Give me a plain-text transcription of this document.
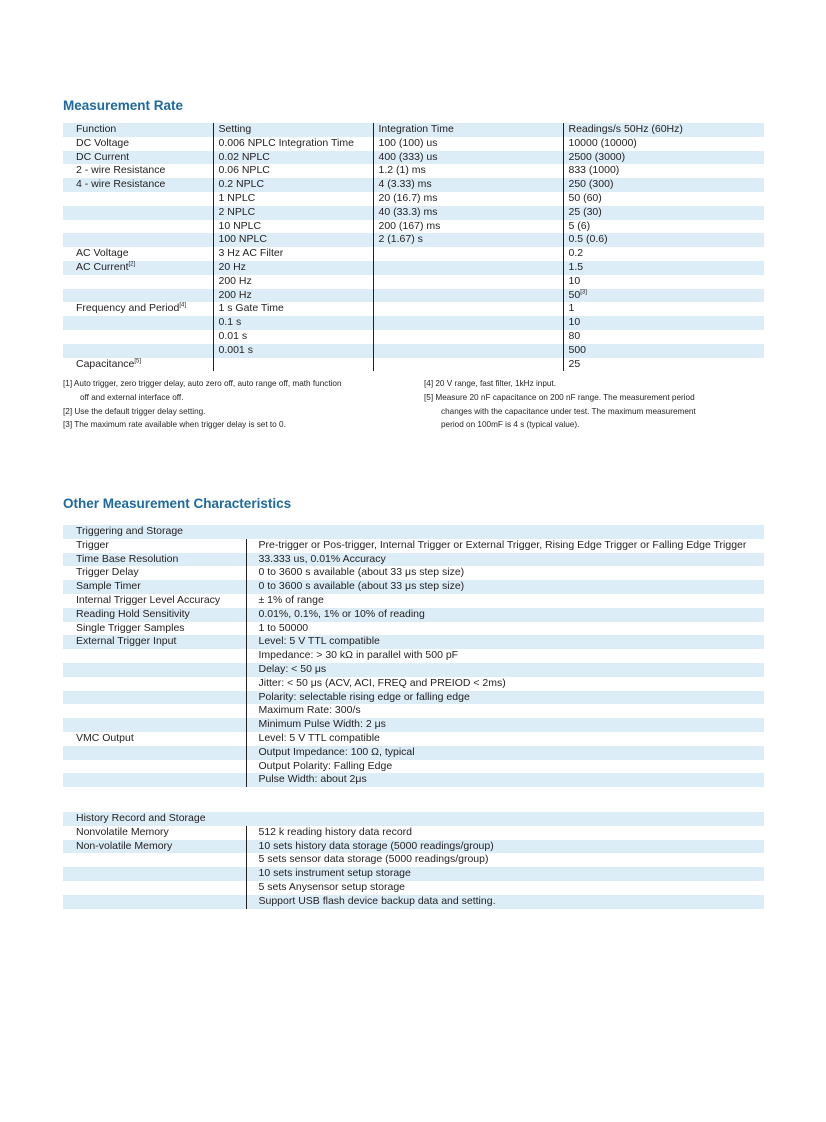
Measurement Rate
Function	Setting	Integration Time	Readings/s 50Hz (60Hz)
DC Voltage	0.006 NPLC Integration Time	100 (100) us	10000 (10000)
DC Current	0.02 NPLC	400 (333) us	2500 (3000)
2 - wire Resistance	0.06 NPLC	1.2 (1) ms	833 (1000)
4 - wire Resistance	0.2 NPLC	4 (3.33) ms	250 (300)
	1 NPLC	20 (16.7) ms	50 (60)
	2 NPLC	40 (33.3) ms	25 (30)
	10 NPLC	200 (167) ms	5 (6)
	100 NPLC	2 (1.67) s	0.5 (0.6)
AC Voltage	3 Hz AC Filter		0.2
AC Current[2]	20 Hz		1.5
	200 Hz		10
	200 Hz		50[3]
Frequency and Period[4]	1 s Gate Time		1
	0.1 s		10
	0.01 s		80
	0.001 s		500
Capacitance[5]			25
[1] Auto trigger, zero trigger delay, auto zero off, auto range off, math function
off and external interface off.
[2] Use the default trigger delay setting.
[3] The maximum rate available when trigger delay is set to 0.
[4] 20 V range, fast filter, 1kHz input.
[5] Measure 20 nF capacitance on 200 nF range. The measurement period
changes with the capacitance under test. The maximum measurement
period on 100mF is 4 s (typical value).
Other Measurement Characteristics
Triggering and Storage	
Trigger	Pre-trigger or Pos-trigger, Internal Trigger or External Trigger, Rising Edge Trigger or Falling Edge Trigger
Time Base Resolution	33.333 us, 0.01% Accuracy
Trigger Delay	0 to 3600 s available (about 33 μs step size)
Sample Timer	0 to 3600 s available (about 33 μs step size)
Internal Trigger Level Accuracy	± 1% of range
Reading Hold Sensitivity	0.01%, 0.1%, 1% or 10% of reading
Single Trigger Samples	1 to 50000
External Trigger Input	Level: 5 V TTL compatible
	Impedance: > 30 kΩ in parallel with 500 pF
	Delay: < 50 μs
	Jitter: < 50 μs (ACV, ACI, FREQ and PREIOD < 2ms)
	Polarity: selectable rising edge or falling edge
	Maximum Rate: 300/s
	Minimum Pulse Width: 2 μs
VMC Output	Level: 5 V TTL compatible
	Output Impedance: 100 Ω, typical
	Output Polarity: Falling Edge
	Pulse Width: about 2μs
History Record and Storage	
Nonvolatile Memory	512 k reading history data record
Non-volatile Memory	10 sets history data storage (5000 readings/group)
	5 sets sensor data storage (5000 readings/group)
	10 sets instrument setup storage
	5 sets Anysensor setup storage
	Support USB flash device backup data and setting.
